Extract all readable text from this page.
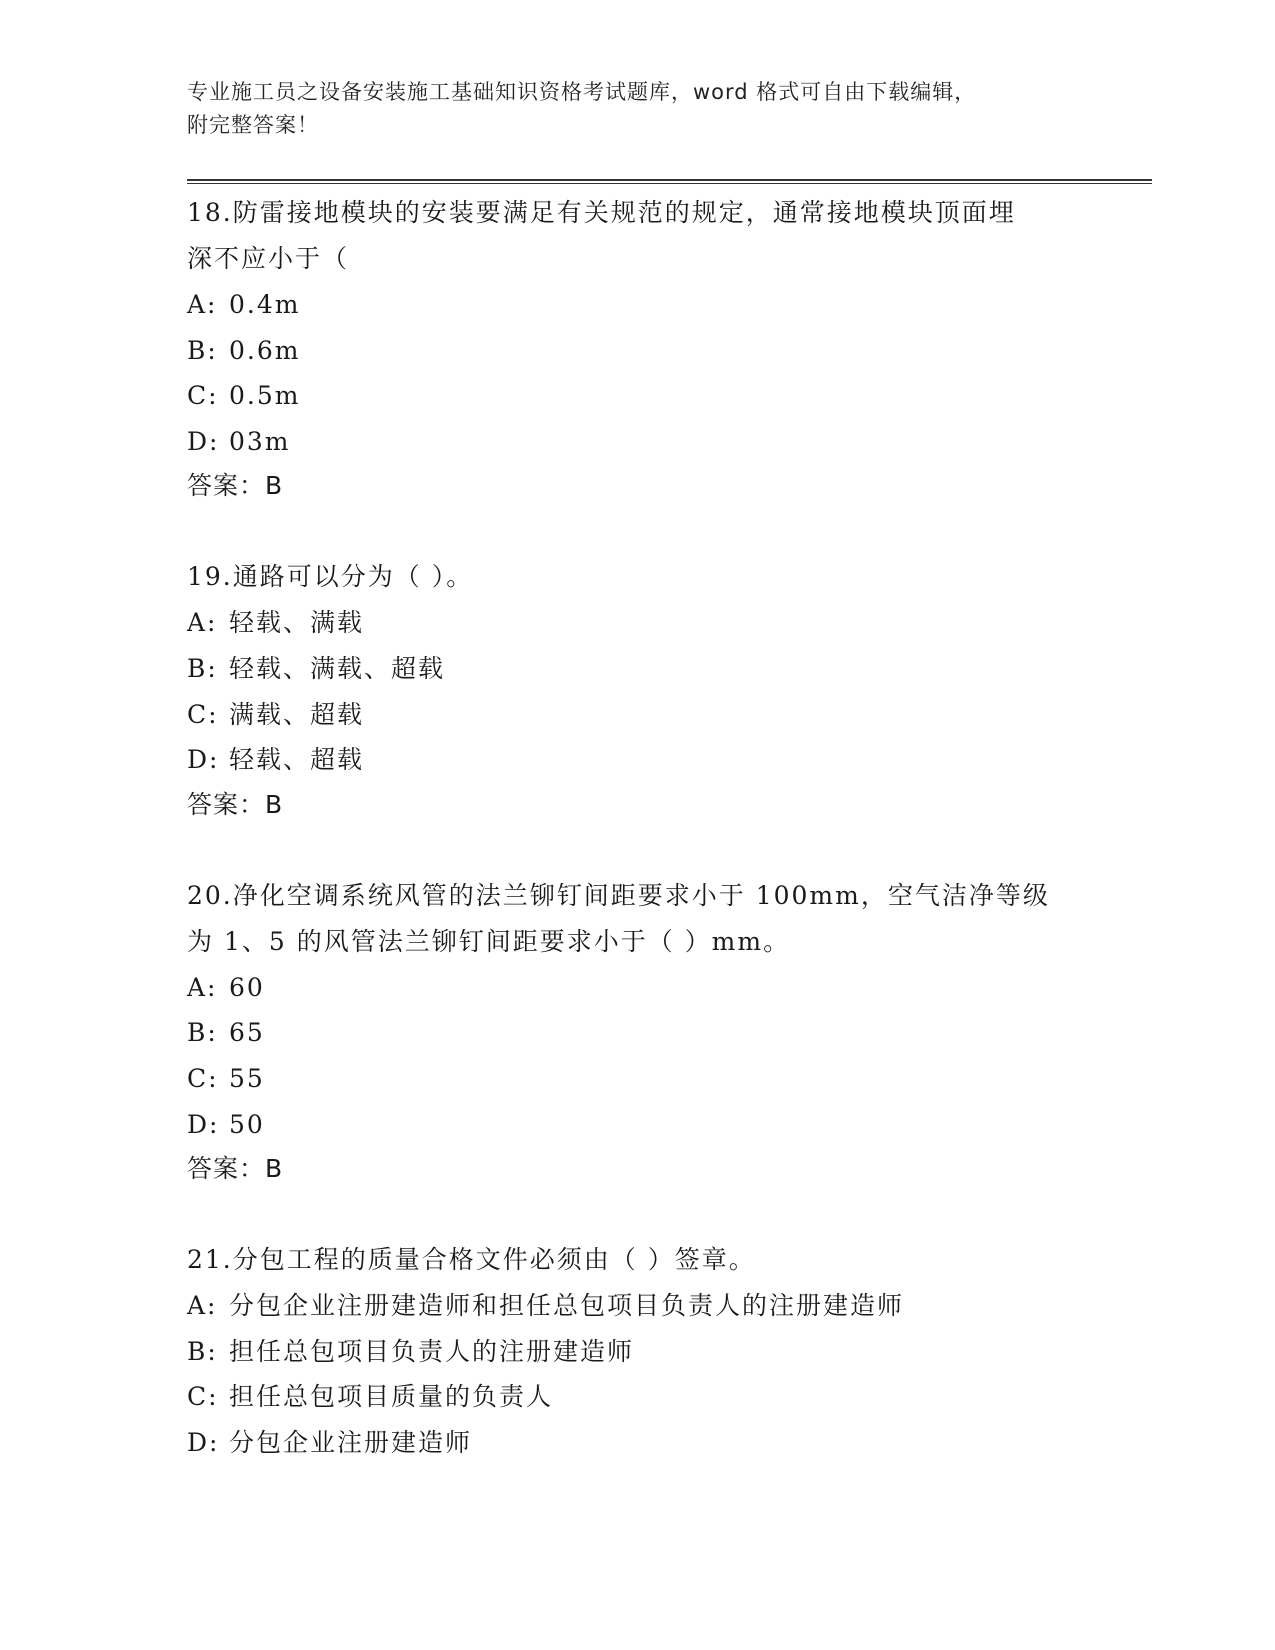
专业施工员之设备安装施工基础知识资格考试题库，word 格式可自由下载编辑，
附完整答案！

18.防雷接地模块的安装要满足有关规范的规定，通常接地模块顶面埋

深不应小于（

A: 0.4m
B: 0.6m
C: 0.5m
D: 03m

答案：B

19.通路可以分为（ ）。

A: 轻载、满载
B: 轻载、满载、超载
C: 满载、超载
D: 轻载、超载

答案：B

20.净化空调系统风管的法兰铆钉间距要求小于 100mm，空气洁净等级

为 1、5 的风管法兰铆钉间距要求小于（ ）mm。

A: 60
B: 65
C: 55
D: 50

答案：B

21.分包工程的质量合格文件必须由（ ）签章。

A: 分包企业注册建造师和担任总包项目负责人的注册建造师
B: 担任总包项目负责人的注册建造师
C: 担任总包项目质量的负责人
D: 分包企业注册建造师
